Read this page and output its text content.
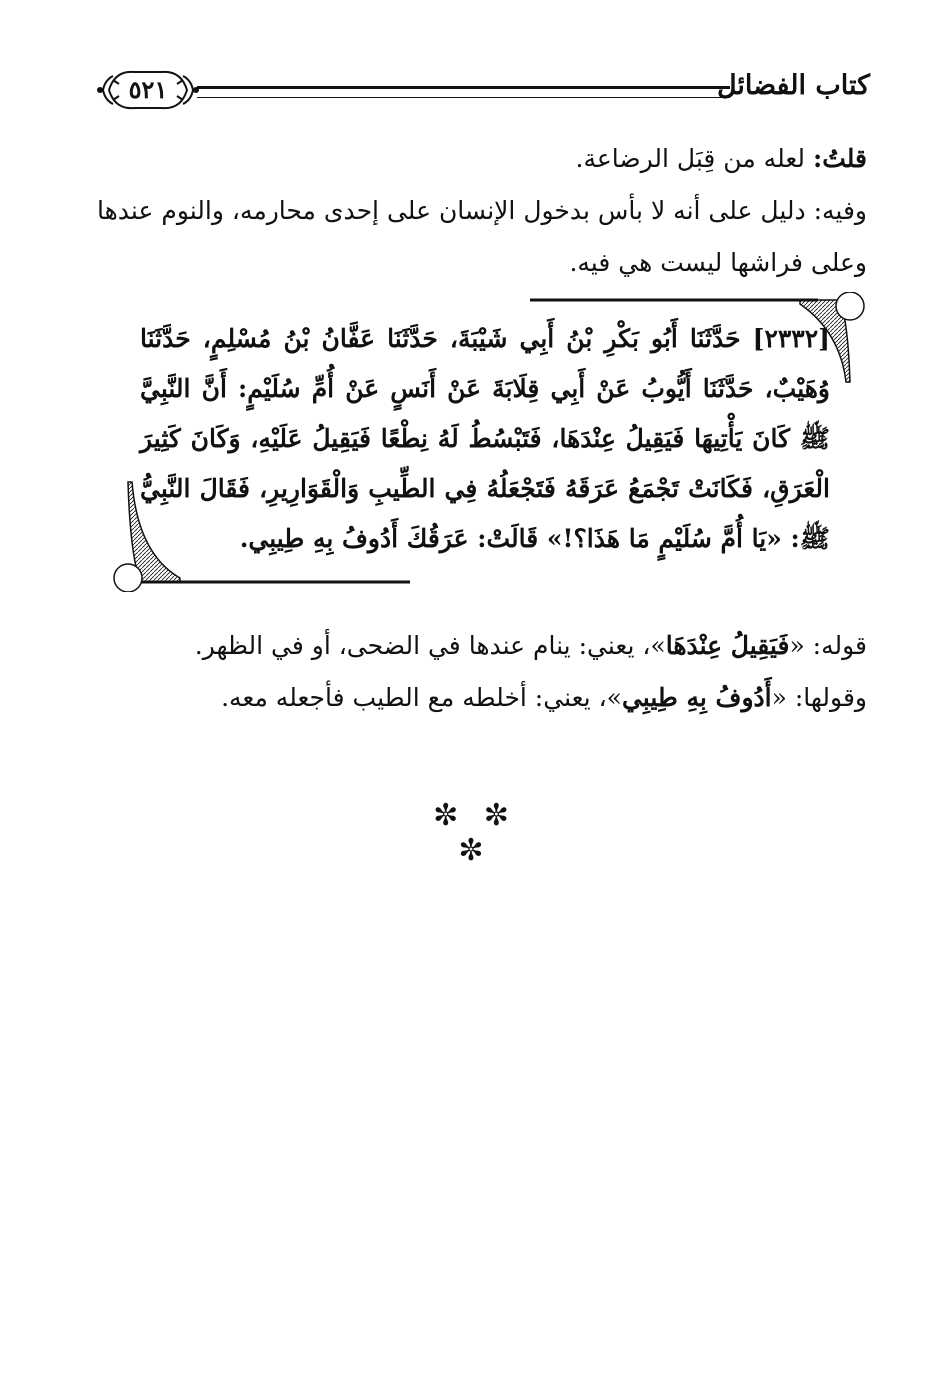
٥٢١	كتاب الفضائل
قلتُ: لعله من قِبَل الرضاعة.
وفيه: دليل على أنه لا بأس بدخول الإنسان على إحدى محارمه، والنوم عندها وعلى فراشها ليست هي فيه.
[٢٣٣٢] حَدَّثَنَا أَبُو بَكْرِ بْنُ أَبِي شَيْبَةَ، حَدَّثَنَا عَفَّانُ بْنُ مُسْلِمٍ، حَدَّثَنَا وُهَيْبٌ، حَدَّثَنَا أَيُّوبُ عَنْ أَبِي قِلَابَةَ عَنْ أَنَسٍ عَنْ أُمِّ سُلَيْمٍ: أَنَّ النَّبِيَّ ﷺ كَانَ يَأْتِيهَا فَيَقِيلُ عِنْدَهَا، فَتَبْسُطُ لَهُ نِطْعًا فَيَقِيلُ عَلَيْهِ، وَكَانَ كَثِيرَ الْعَرَقِ، فَكَانَتْ تَجْمَعُ عَرَقَهُ فَتَجْعَلُهُ فِي الطِّيبِ وَالْقَوَارِيرِ، فَقَالَ النَّبِيُّ ﷺ: «يَا أُمَّ سُلَيْمٍ مَا هَذَا؟!» قَالَتْ: عَرَقُكَ أَدُوفُ بِهِ طِيبِي.
قوله: «فَيَقِيلُ عِنْدَهَا»، يعني: ينام عندها في الضحى، أو في الظهر.
وقولها: «أَدُوفُ بِهِ طِيبِي»، يعني: أخلطه مع الطيب فأجعله معه.
✼ ✼ ✼
